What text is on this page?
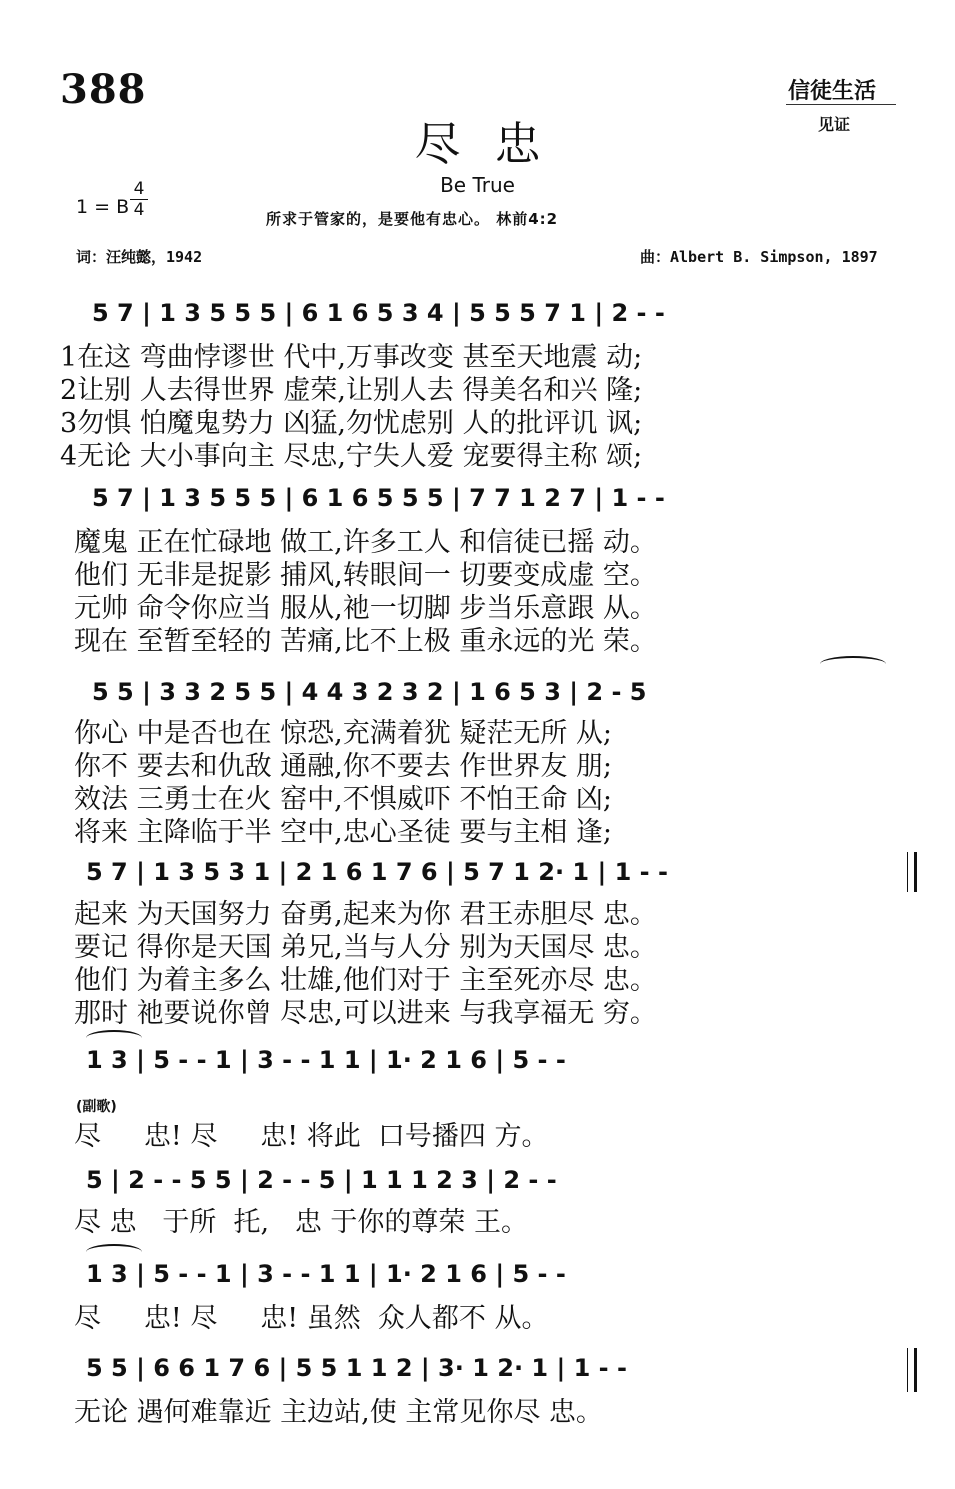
388	信徒生活
见证
尽忠
Be True
1 = B
4
4	所求于管家的，是要他有忠心。 林前4:2
词：汪纯懿，1942	曲：Albert B. Simpson, 1897
5 7 | 1 3 5 5 5 | 6 1 6 5 3 4 | 5 5 5 7 1 | 2 - -
1在这 弯曲悖谬世 代中,万事改变 甚至天地震 动;
2让别 人去得世界 虚荣,让别人去 得美名和兴 隆;
3勿惧 怕魔鬼势力 凶猛,勿忧虑别 人的批评讥 讽;
4无论 大小事向主 尽忠,宁失人爱 宠要得主称 颂;
5 7 | 1 3 5 5 5 | 6 1 6 5 5 5 | 7 7 1 2 7 | 1 - -
魔鬼 正在忙碌地 做工,许多工人 和信徒已摇 动。
他们 无非是捉影 捕风,转眼间一 切要变成虚 空。
元帅 命令你应当 服从,祂一切脚 步当乐意跟 从。
现在 至暂至轻的 苦痛,比不上极 重永远的光 荣。
5 5 | 3 3 2 5 5 | 4 4 3 2 3 2 | 1 6 5 3 | 2 - 5
你心 中是否也在 惊恐,充满着犹 疑茫无所 从;
你不 要去和仇敌 通融,你不要去 作世界友 朋;
效法 三勇士在火 窑中,不惧威吓 不怕王命 凶;
将来 主降临于半 空中,忠心圣徒 要与主相 逢;
5 7 | 1 3 5 3 1 | 2 1 6 1 7 6 | 5 7 1 2· 1 | 1 - -
起来 为天国努力 奋勇,起来为你 君王赤胆尽 忠。
要记 得你是天国 弟兄,当与人分 别为天国尽 忠。
他们 为着主多么 壮雄,他们对于 主至死亦尽 忠。
那时 祂要说你曾 尽忠,可以进来 与我享福无 穷。
1 3 | 5 - - 1 | 3 - - 1 1 | 1· 2 1 6 | 5 - -
(副歌)
尽     忠! 尽     忠! 将此  口号播四 方。
5 | 2 - - 5 5 | 2 - - 5 | 1 1 1 2 3 | 2 - -
尽 忠   于所  托,   忠 于你的尊荣 王。
1 3 | 5 - - 1 | 3 - - 1 1 | 1· 2 1 6 | 5 - -
尽     忠! 尽     忠! 虽然  众人都不 从。
5 5 | 6 6 1 7 6 | 5 5 1 1 2 | 3· 1 2· 1 | 1 - -
无论 遇何难靠近 主边站,使 主常见你尽 忠。
